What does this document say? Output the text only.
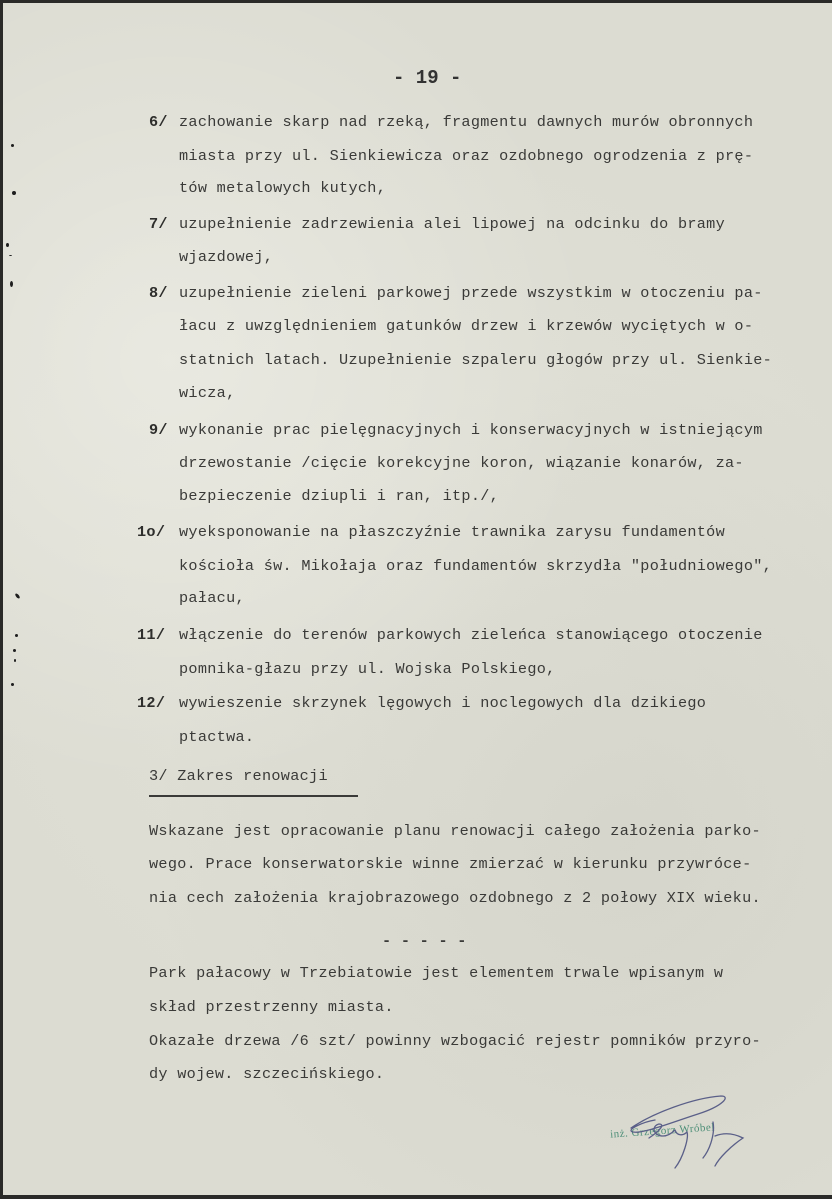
- 19 -
6/ zachowanie skarp nad rzeką, fragmentu dawnych murów obronnych
miasta przy ul. Sienkiewicza oraz ozdobnego ogrodzenia z prę-
tów metalowych kutych,
7/ uzupełnienie zadrzewienia alei lipowej na odcinku do bramy
wjazdowej,
8/ uzupełnienie zieleni parkowej przede wszystkim w otoczeniu pa-
łacu z uwzględnieniem gatunków drzew i krzewów wyciętych w o-
statnich latach. Uzupełnienie szpaleru głogów przy ul. Sienkie-
wicza,
9/ wykonanie prac pielęgnacyjnych i konserwacyjnych w istniejącym
drzewostanie /cięcie korekcyjne koron, wiązanie konarów, za-
bezpieczenie dziupli i ran, itp./,
1o/ wyeksponowanie na płaszczyźnie trawnika zarysu fundamentów
kościoła św. Mikołaja oraz fundamentów skrzydła "południowego",
pałacu,
11/ włączenie do terenów parkowych zieleńca stanowiącego otoczenie
pomnika-głazu przy ul. Wojska Polskiego,
12/ wywieszenie skrzynek lęgowych i noclegowych dla dzikiego
ptactwa.
3/ Zakres renowacji
Wskazane jest opracowanie planu renowacji całego założenia parko-
wego. Prace konserwatorskie winne zmierzać w kierunku przywróce-
nia cech założenia krajobrazowego ozdobnego z 2 połowy XIX wieku.
- - - - -
Park pałacowy w Trzebiatowie jest elementem trwale wpisanym w
skład przestrzenny miasta.
Okazałe drzewa /6 szt/ powinny wzbogacić rejestr pomników przyro-
dy wojew. szczecińskiego.
inż. Grzegorz Wróbel
